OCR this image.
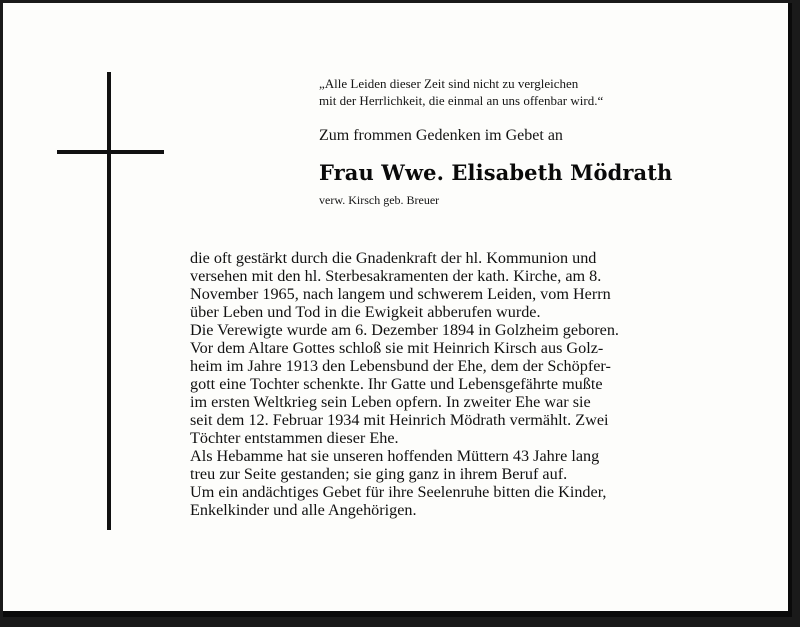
„Alle Leiden dieser Zeit sind nicht zu vergleichen
mit der Herrlichkeit, die einmal an uns offenbar wird.“

Zum frommen Gedenken im Gebet an

Frau Wwe. Elisabeth Mödrath

verw. Kirsch geb. Breuer

die oft gestärkt durch die Gnadenkraft der hl. Kommunion und
versehen mit den hl. Sterbesakramenten der kath. Kirche, am 8.
November 1965, nach langem und schwerem Leiden, vom Herrn
über Leben und Tod in die Ewigkeit abberufen wurde.
Die Verewigte wurde am 6. Dezember 1894 in Golzheim geboren.
Vor dem Altare Gottes schloß sie mit Heinrich Kirsch aus Golz-
heim im Jahre 1913 den Lebensbund der Ehe, dem der Schöpfer-
gott eine Tochter schenkte. Ihr Gatte und Lebensgefährte mußte
im ersten Weltkrieg sein Leben opfern. In zweiter Ehe war sie
seit dem 12. Februar 1934 mit Heinrich Mödrath vermählt. Zwei
Töchter entstammen dieser Ehe.
Als Hebamme hat sie unseren hoffenden Müttern 43 Jahre lang
treu zur Seite gestanden; sie ging ganz in ihrem Beruf auf.
Um ein andächtiges Gebet für ihre Seelenruhe bitten die Kinder,
Enkelkinder und alle Angehörigen.
